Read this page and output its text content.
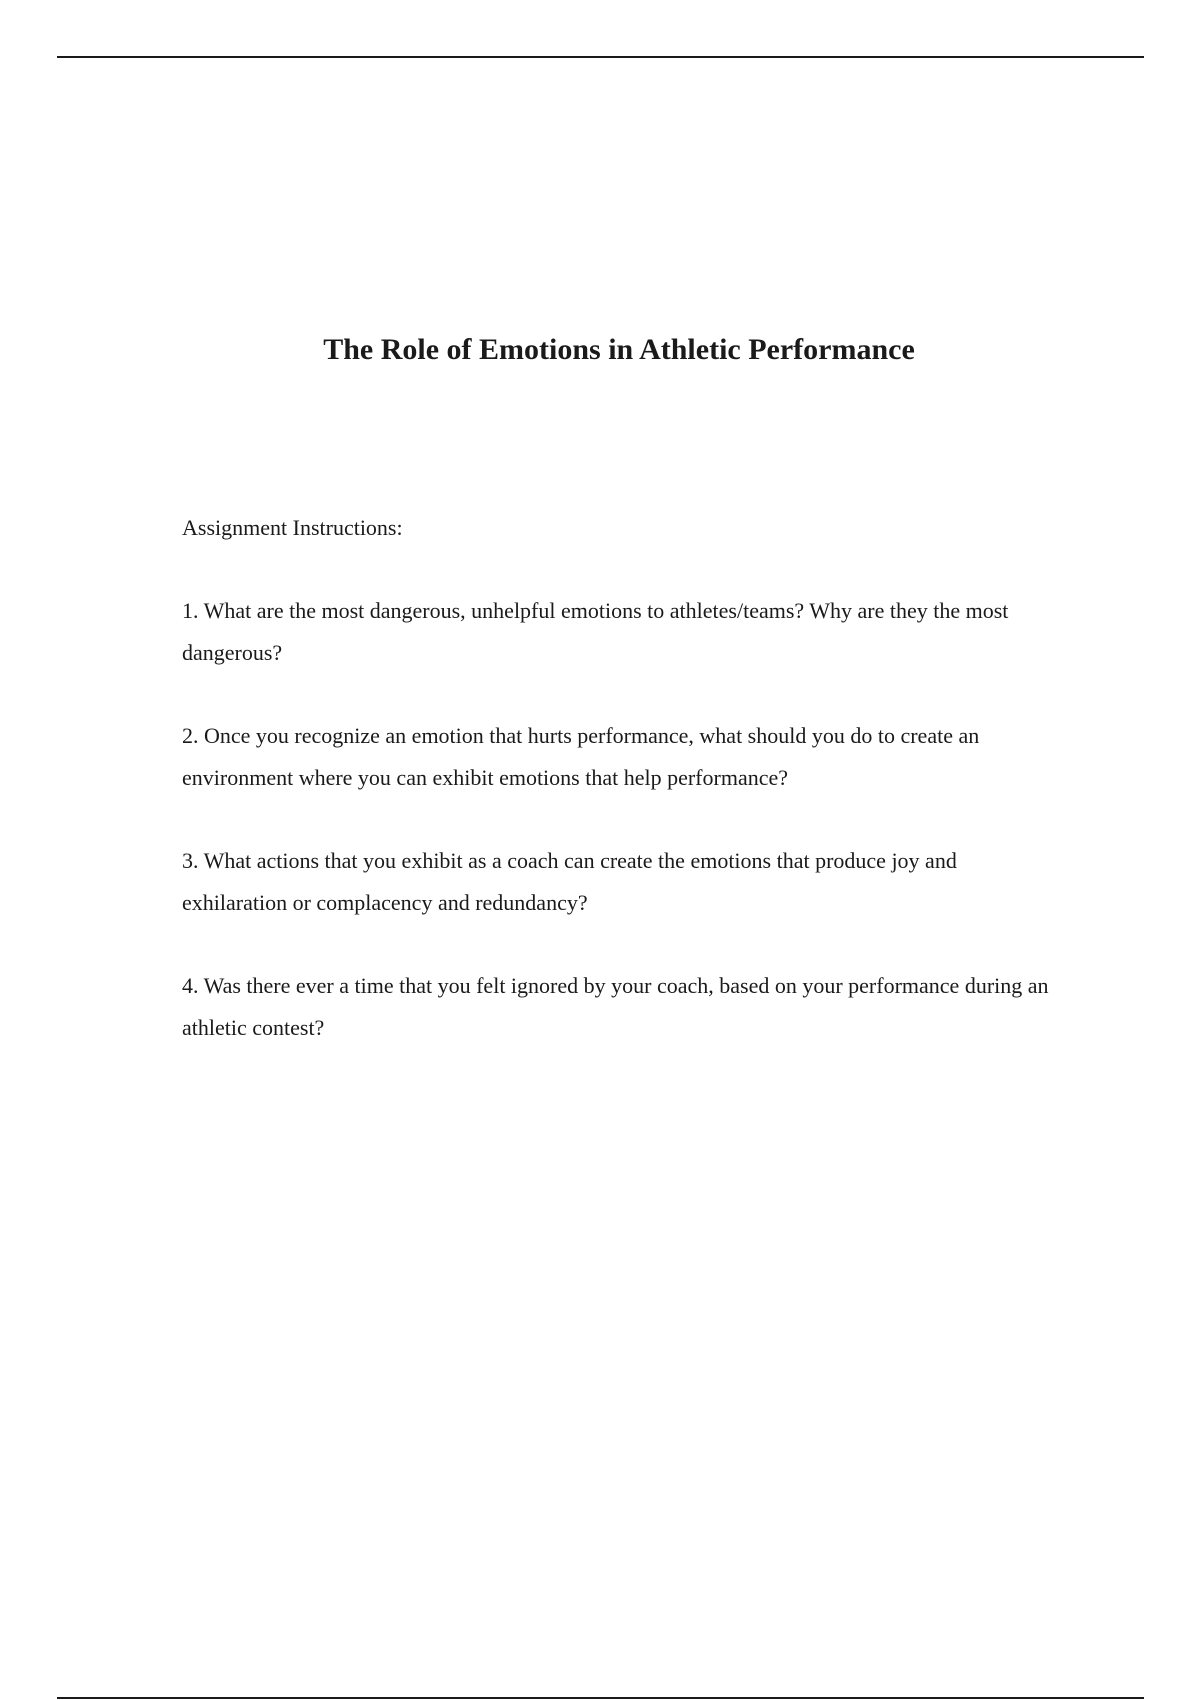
The Role of Emotions in Athletic Performance

Assignment Instructions:

1. What are the most dangerous, unhelpful emotions to athletes/teams? Why are they the most dangerous?

2. Once you recognize an emotion that hurts performance, what should you do to create an environment where you can exhibit emotions that help performance?

3. What actions that you exhibit as a coach can create the emotions that produce joy and exhilaration or complacency and redundancy?

4. Was there ever a time that you felt ignored by your coach, based on your performance during an athletic contest?
